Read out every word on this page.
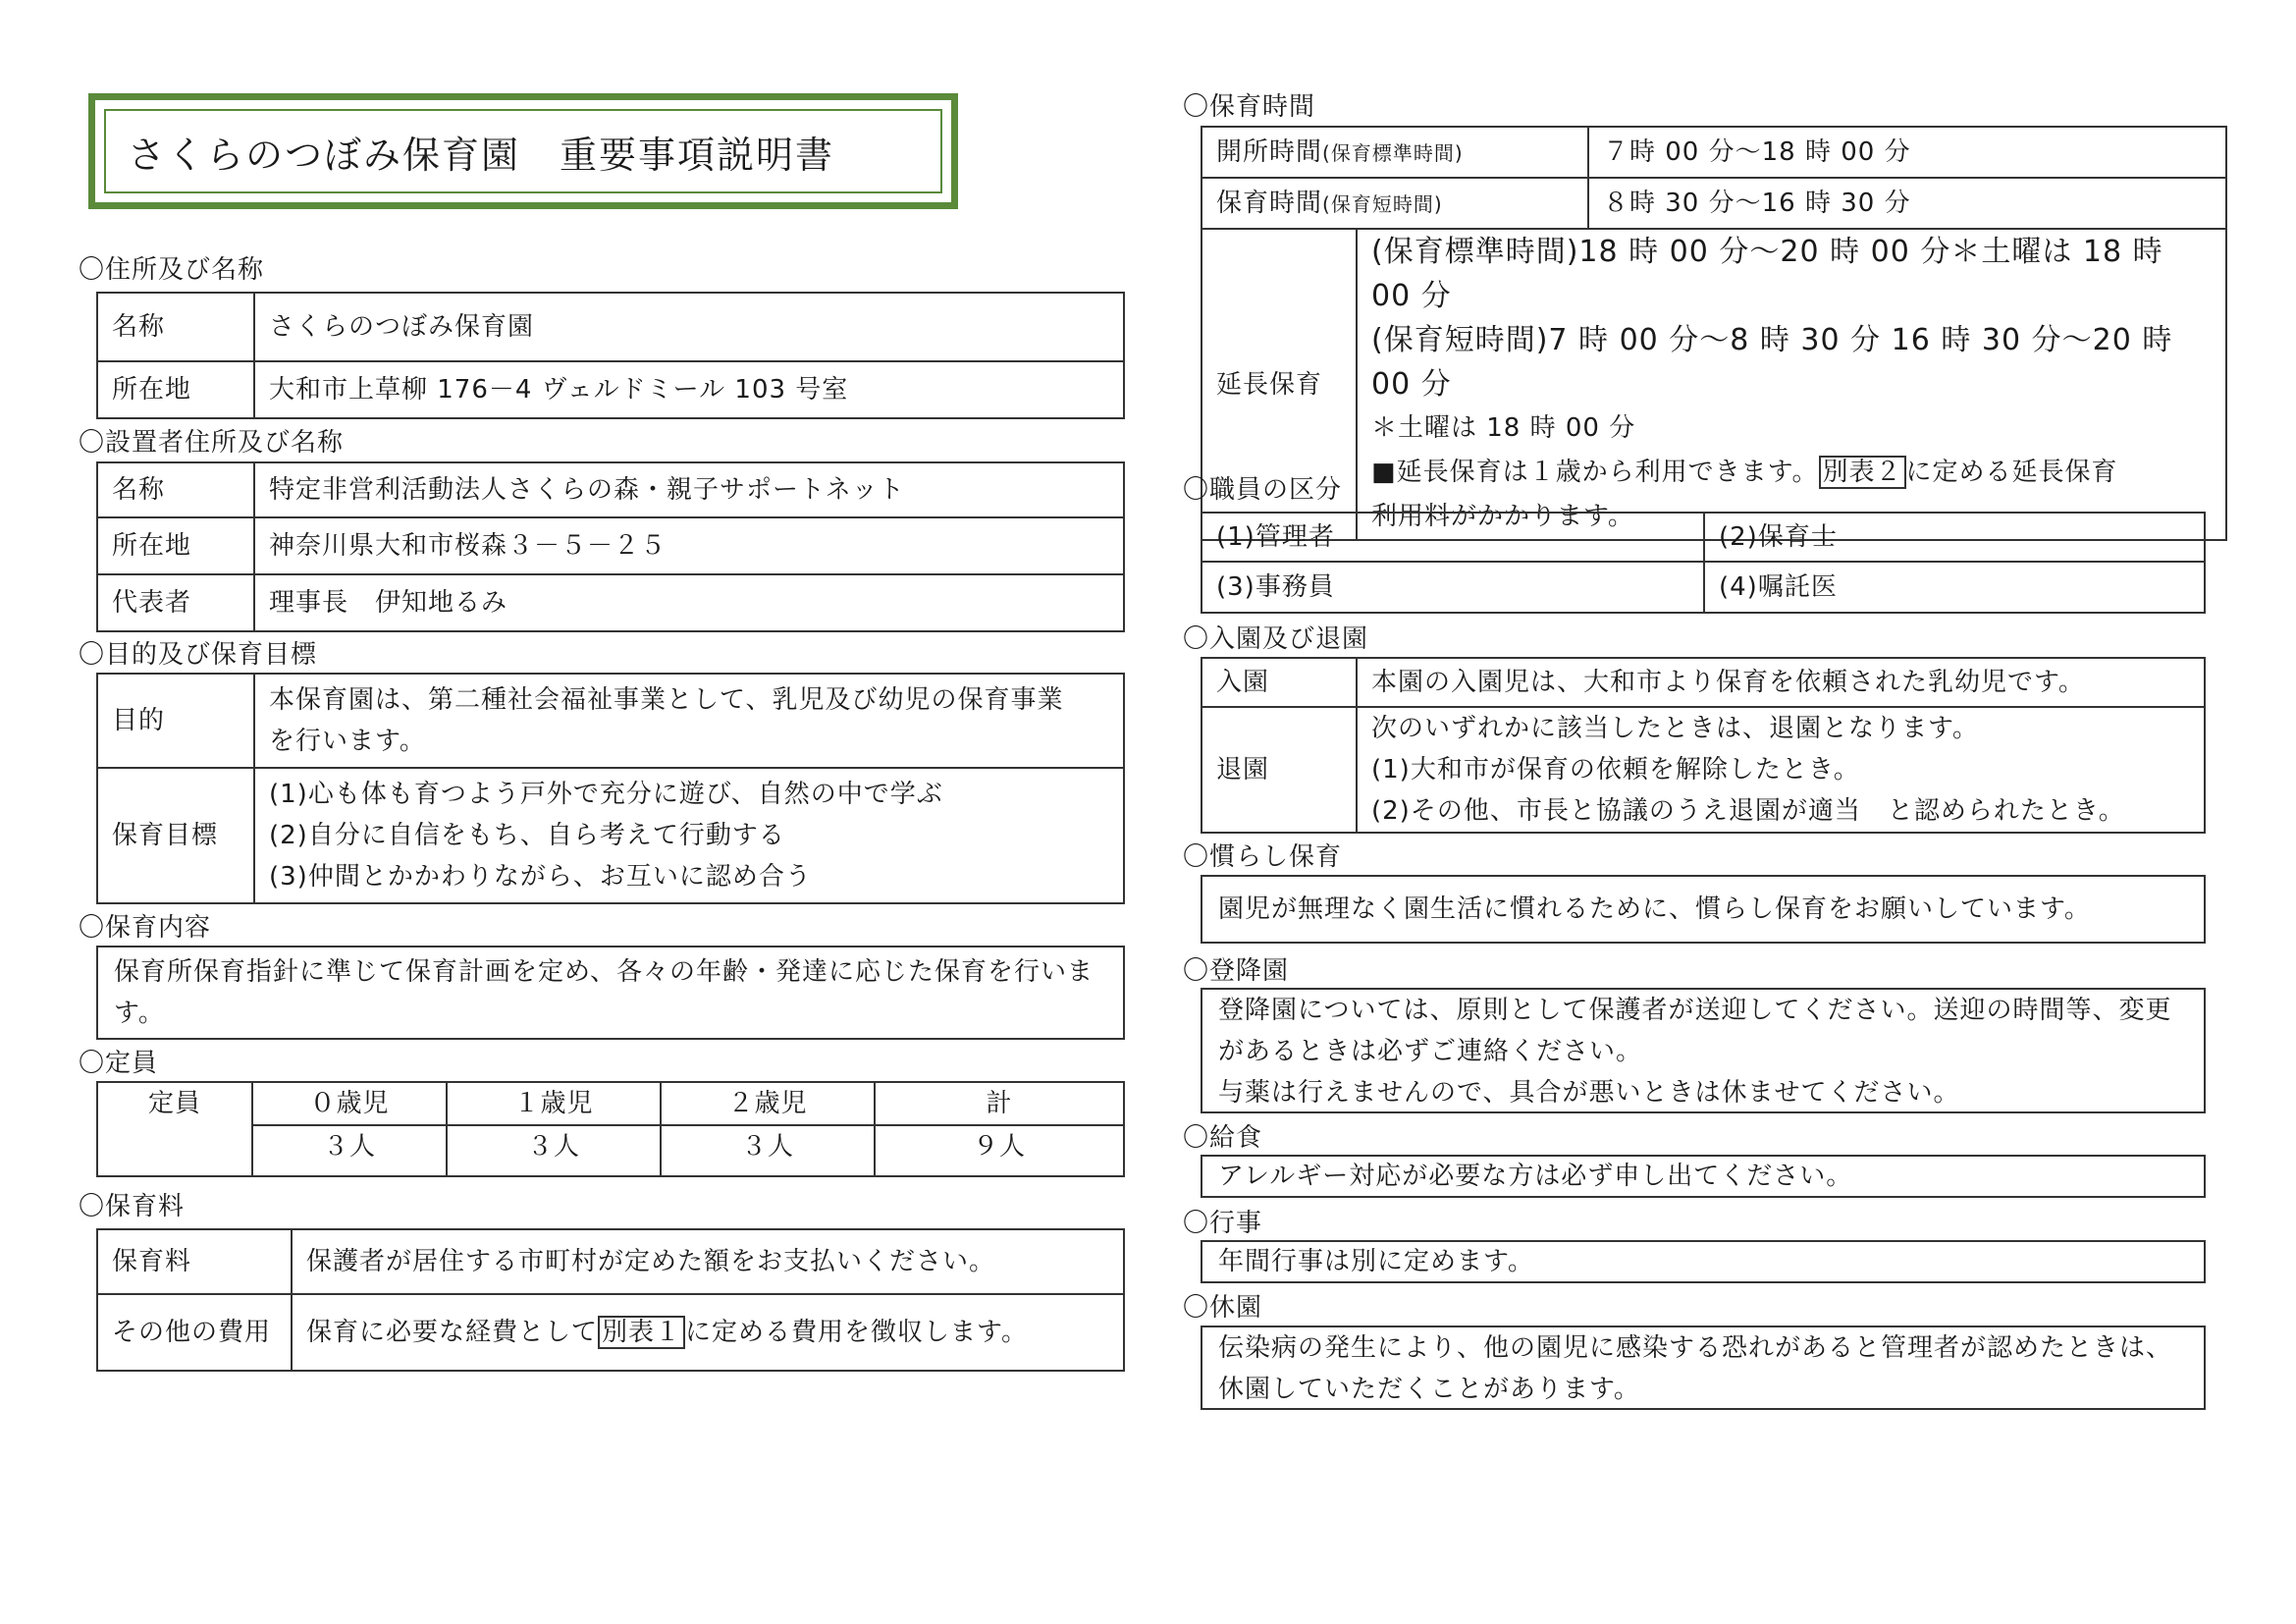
さくらのつぼみ保育園　重要事項説明書
〇住所及び名称
名称	さくらのつぼみ保育園
所在地	大和市上草柳 176－4 ヴェルドミール 103 号室
〇設置者住所及び名称
名称	特定非営利活動法人さくらの森・親子サポートネット
所在地	神奈川県大和市桜森３－５－２５
代表者	理事長　伊知地るみ
〇目的及び保育目標
目的	本保育園は、第二種社会福祉事業として、乳児及び幼児の保育事業
を行います。

保育目標	(1)心も体も育つよう戸外で充分に遊び、自然の中で学ぶ
(2)自分に自信をもち、自ら考えて行動する
(3)仲間とかかわりながら、お互いに認め合う
〇保育内容
保育所保育指針に準じて保育計画を定め、各々の年齢・発達に応じた保育を行いま
す。
〇定員
定員	０歳児	１歳児	２歳児	計
	３人	３人	３人	９人
〇保育料
保育料	保護者が居住する市町村が定めた額をお支払いください。
その他の費用	保育に必要な経費として 別表１ に定める費用を徴収します。
〇保育時間
開所時間(保育標準時間)		７時 00 分～18 時 00 分
保育時間(保育短時間)		８時 30 分～16 時 30 分
延長保育	(保育標準時間)18 時 00 分～20 時 00 分＊土曜は 18 時 00 分
(保育短時間)7 時 00 分～8 時 30 分 16 時 30 分～20 時 00 分
＊土曜は 18 時 00 分
■延長保育は１歳から利用できます。 別表２ に定める延長保育
利用料がかかります。	
〇職員の区分
(1)管理者	(2)保育士
(3)事務員	(4)嘱託医
〇入園及び退園
入園	本園の入園児は、大和市より保育を依頼された乳幼児です。
退園	次のいずれかに該当したときは、退園となります。
(1)大和市が保育の依頼を解除したとき。
(2)その他、市長と協議のうえ退園が適当　と認められたとき。
〇慣らし保育
園児が無理なく園生活に慣れるために、慣らし保育をお願いしています。
〇登降園
登降園については、原則として保護者が送迎してください。送迎の時間等、変更
があるときは必ずご連絡ください。
与薬は行えませんので、具合が悪いときは休ませてください。
〇給食
アレルギー対応が必要な方は必ず申し出てください。
〇行事
年間行事は別に定めます。
〇休園
伝染病の発生により、他の園児に感染する恐れがあると管理者が認めたときは、
休園していただくことがあります。
